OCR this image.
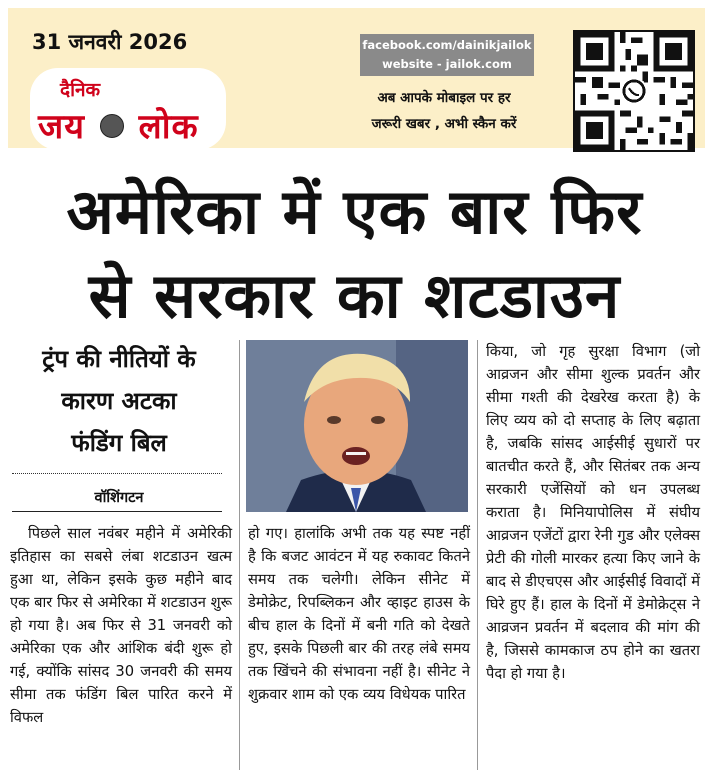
31 जनवरी 2026
दैनिक
जय लोक
facebook.com/dainikjailok
website - jailok.com
अब आपके मोबाइल पर हर
जरूरी खबर , अभी स्कैन करें
अमेरिका में एक बार फिर
से सरकार का शटडाउन
ट्रंप की नीतियों के
कारण अटका
फंडिंग बिल
वॉशिंगटन
पिछले साल नवंबर महीने में अमेरिकी इतिहास का सबसे लंबा शटडाउन खत्म हुआ था, लेकिन इसके कुछ महीने बाद एक बार फिर से अमेरिका में शटडाउन शुरू हो गया है। अब फिर से 31 जनवरी को अमेरिका एक और आंशिक बंदी शुरू हो गई, क्योंकि सांसद 30 जनवरी की समय सीमा तक फंडिंग बिल पारित करने में विफल
हो गए। हालांकि अभी तक यह स्पष्ट नहीं है कि बजट आवंटन में यह रुकावट कितने समय तक चलेगी। लेकिन सीनेट में डेमोक्रेट, रिपब्लिकन और व्हाइट हाउस के बीच हाल के दिनों में बनी गति को देखते हुए, इसके पिछली बार की तरह लंबे समय तक खिंचने की संभावना नहीं है। सीनेट ने शुक्रवार शाम को एक व्यय विधेयक पारित
किया, जो गृह सुरक्षा विभाग (जो आव्रजन और सीमा शुल्क प्रवर्तन और सीमा गश्ती की देखरेख करता है) के लिए व्यय को दो सप्ताह के लिए बढ़ाता है, जबकि सांसद आईसीई सुधारों पर बातचीत करते हैं, और सितंबर तक अन्य सरकारी एजेंसियों को धन उपलब्ध कराता है। मिनियापोलिस में संघीय आव्रजन एजेंटों द्वारा रेनी गुड और एलेक्स प्रेटी की गोली मारकर हत्या किए जाने के बाद से डीएचएस और आईसीई विवादों में घिरे हुए हैं। हाल के दिनों में डेमोक्रेट्स ने आव्रजन प्रवर्तन में बदलाव की मांग की है, जिससे कामकाज ठप होने का खतरा पैदा हो गया है।
